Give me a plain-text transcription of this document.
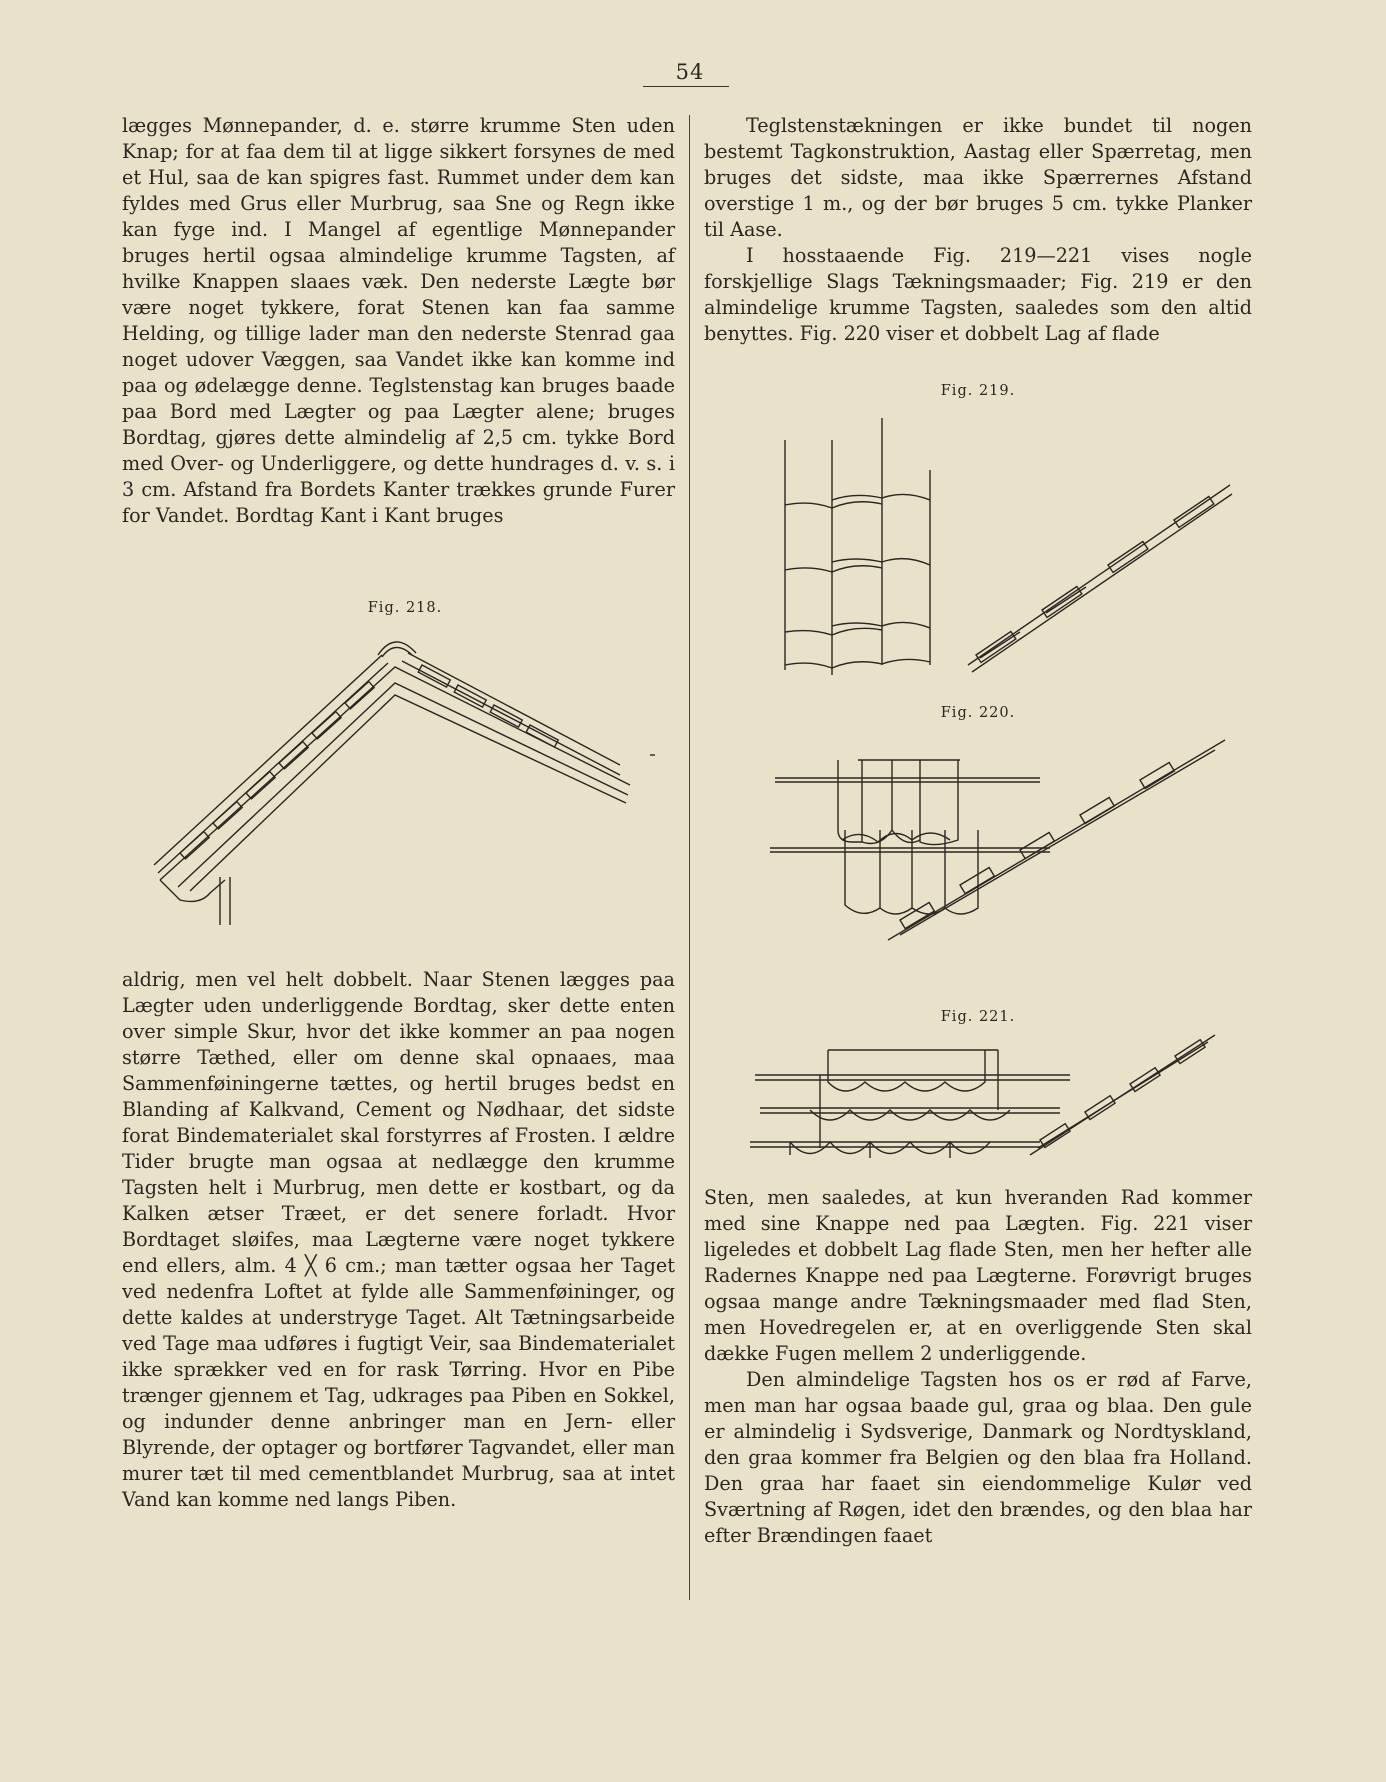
54

lægges Mønnepander, d. e. større krumme Sten uden Knap; for at faa dem til at ligge sikkert forsynes de med et Hul, saa de kan spigres fast. Rummet under dem kan fyldes med Grus eller Murbrug, saa Sne og Regn ikke kan fyge ind. I Mangel af egentlige Mønnepander bruges hertil ogsaa almindelige krumme Tagsten, af hvilke Knappen slaaes væk. Den nederste Lægte bør være noget tykkere, forat Stenen kan faa samme Helding, og tillige lader man den nederste Stenrad gaa noget udover Væggen, saa Vandet ikke kan komme ind paa og ødelægge denne. Teglstenstag kan bruges baade paa Bord med Lægter og paa Lægter alene; bruges Bordtag, gjøres dette almindelig af 2,5 cm. tykke Bord med Over- og Underliggere, og dette hundrages d. v. s. i 3 cm. Afstand fra Bordets Kanter trækkes grunde Furer for Vandet. Bordtag Kant i Kant bruges

Fig. 218.

aldrig, men vel helt dobbelt. Naar Stenen lægges paa Lægter uden underliggende Bordtag, sker dette enten over simple Skur, hvor det ikke kommer an paa nogen større Tæthed, eller om denne skal opnaaes, maa Sammenføiningerne tættes, og hertil bruges bedst en Blanding af Kalkvand, Cement og Nødhaar, det sidste forat Bindematerialet skal forstyrres af Frosten. I ældre Tider brugte man ogsaa at nedlægge den krumme Tagsten helt i Murbrug, men dette er kostbart, og da Kalken ætser Træet, er det senere forladt. Hvor Bordtaget sløifes, maa Lægterne være noget tykkere end ellers, alm. 4 ╳ 6 cm.; man tætter ogsaa her Taget ved nedenfra Loftet at fylde alle Sammenføininger, og dette kaldes at understryge Taget. Alt Tætningsarbeide ved Tage maa udføres i fugtigt Veir, saa Bindematerialet ikke sprækker ved en for rask Tørring. Hvor en Pibe trænger gjennem et Tag, udkrages paa Piben en Sokkel, og indunder denne anbringer man en Jern- eller Blyrende, der optager og bortfører Tagvandet, eller man murer tæt til med cementblandet Murbrug, saa at intet Vand kan komme ned langs Piben.

Teglstenstækningen er ikke bundet til nogen bestemt Tagkonstruktion, Aastag eller Spærretag, men bruges det sidste, maa ikke Spærrernes Afstand overstige 1 m., og der bør bruges 5 cm. tykke Planker til Aase.

I hosstaaende Fig. 219—221 vises nogle forskjellige Slags Tækningsmaader; Fig. 219 er den almindelige krumme Tagsten, saaledes som den altid benyttes. Fig. 220 viser et dobbelt Lag af flade

Fig. 219.
Fig. 220.
Fig. 221.

Sten, men saaledes, at kun hveranden Rad kommer med sine Knappe ned paa Lægten. Fig. 221 viser ligeledes et dobbelt Lag flade Sten, men her hefter alle Radernes Knappe ned paa Lægterne. Forøvrigt bruges ogsaa mange andre Tækningsmaader med flad Sten, men Hovedregelen er, at en overliggende Sten skal dække Fugen mellem 2 underliggende.

Den almindelige Tagsten hos os er rød af Farve, men man har ogsaa baade gul, graa og blaa. Den gule er almindelig i Sydsverige, Danmark og Nordtyskland, den graa kommer fra Belgien og den blaa fra Holland. Den graa har faaet sin eiendommelige Kulør ved Sværtning af Røgen, idet den brændes, og den blaa har efter Brændingen faaet
